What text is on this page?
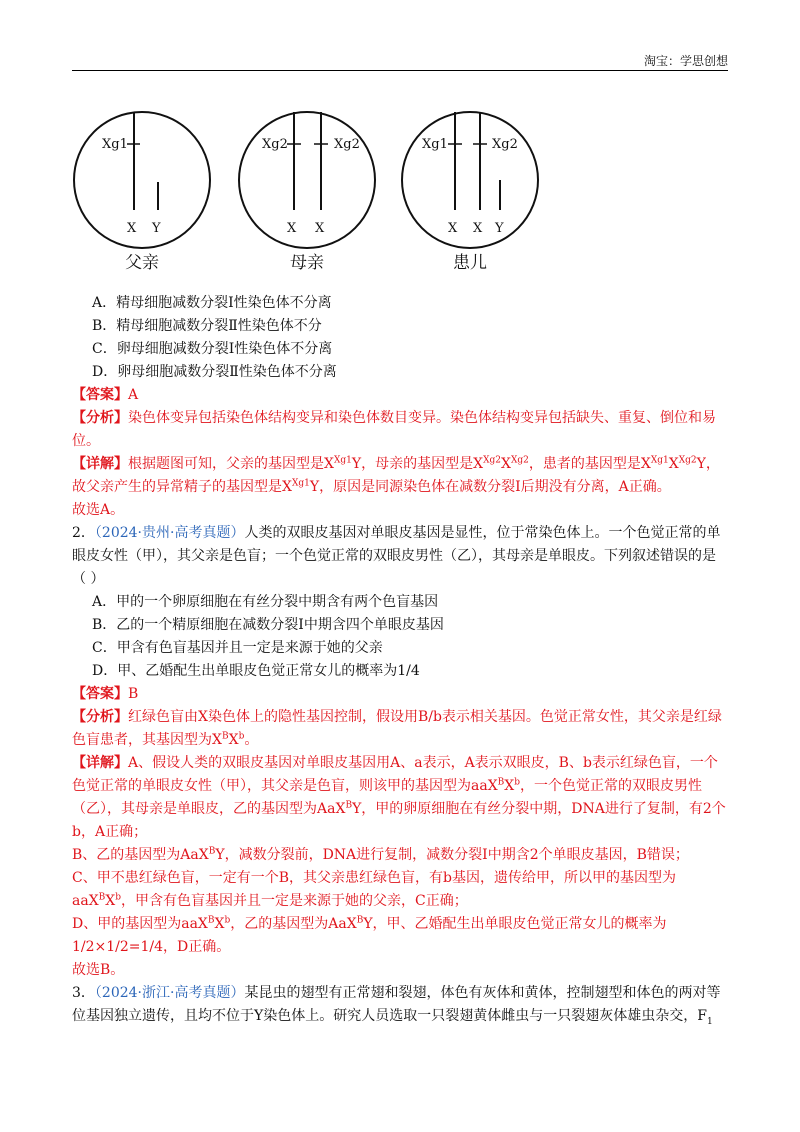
淘宝：学思创想
Xg1
X Y
父亲
Xg2	Xg2
X X
母亲
Xg1	Xg2
X X Y
患儿

A．精母细胞减数分裂Ⅰ性染色体不分离

B．精母细胞减数分裂Ⅱ性染色体不分

C．卵母细胞减数分裂Ⅰ性染色体不分离

D．卵母细胞减数分裂Ⅱ性染色体不分离

【答案】A

【分析】染色体变异包括染色体结构变异和染色体数目变异。染色体结构变异包括缺失、重复、倒位和易位。

【详解】根据题图可知，父亲的基因型是$X^{Xg1}Y$，母亲的基因型是$X^{Xg2}X^{Xg2}$，患者的基因型是$X^{Xg1}X^{Xg2}Y$，故父亲产生的异常精子的基因型是$X^{Xg1}Y$，原因是同源染色体在减数分裂Ⅰ后期没有分离，A正确。

故选A。

2．（2024·贵州·高考真题）人类的双眼皮基因对单眼皮基因是显性，位于常染色体上。一个色觉正常的单眼皮女性（甲），其父亲是色盲；一个色觉正常的双眼皮男性（乙），其母亲是单眼皮。下列叙述错误的是（ ）

A．甲的一个卵原细胞在有丝分裂中期含有两个色盲基因

B．乙的一个精原细胞在减数分裂Ⅰ中期含四个单眼皮基因

C．甲含有色盲基因并且一定是来源于她的父亲

D．甲、乙婚配生出单眼皮色觉正常女儿的概率为1/4

【答案】B

【分析】红绿色盲由X染色体上的隐性基因控制，假设用B/b表示相关基因。色觉正常女性，其父亲是红绿色盲患者，其基因型为$X^BX^b$。

【详解】A、假设人类的双眼皮基因对单眼皮基因用A、a表示，A表示双眼皮，B、b表示红绿色盲，一个色觉正常的单眼皮女性（甲），其父亲是色盲，则该甲的基因型为$aaX^BX^b$，一个色觉正常的双眼皮男性（乙），其母亲是单眼皮，乙的基因型为AaX$^B$Y，甲的卵原细胞在有丝分裂中期，DNA进行了复制，有2个b，A正确；

B、乙的基因型为AaX$^B$Y，减数分裂前，DNA进行复制，减数分裂Ⅰ中期含2个单眼皮基因，B错误；

C、甲不患红绿色盲，一定有一个B，其父亲患红绿色盲，有b基因，遗传给甲，所以甲的基因型为$aaX^BX^b$，甲含有色盲基因并且一定是来源于她的父亲，C正确；

D、甲的基因型为$aaX^BX^b$，乙的基因型为AaX$^B$Y，甲、乙婚配生出单眼皮色觉正常女儿的概率为1/2×1/2=1/4，D正确。

故选B。

3．（2024·浙江·高考真题）某昆虫的翅型有正常翅和裂翅，体色有灰体和黄体，控制翅型和体色的两对等位基因独立遗传，且均不位于Y染色体上。研究人员选取一只裂翅黄体雌虫与一只裂翅灰体雄虫杂交，$F_1$
